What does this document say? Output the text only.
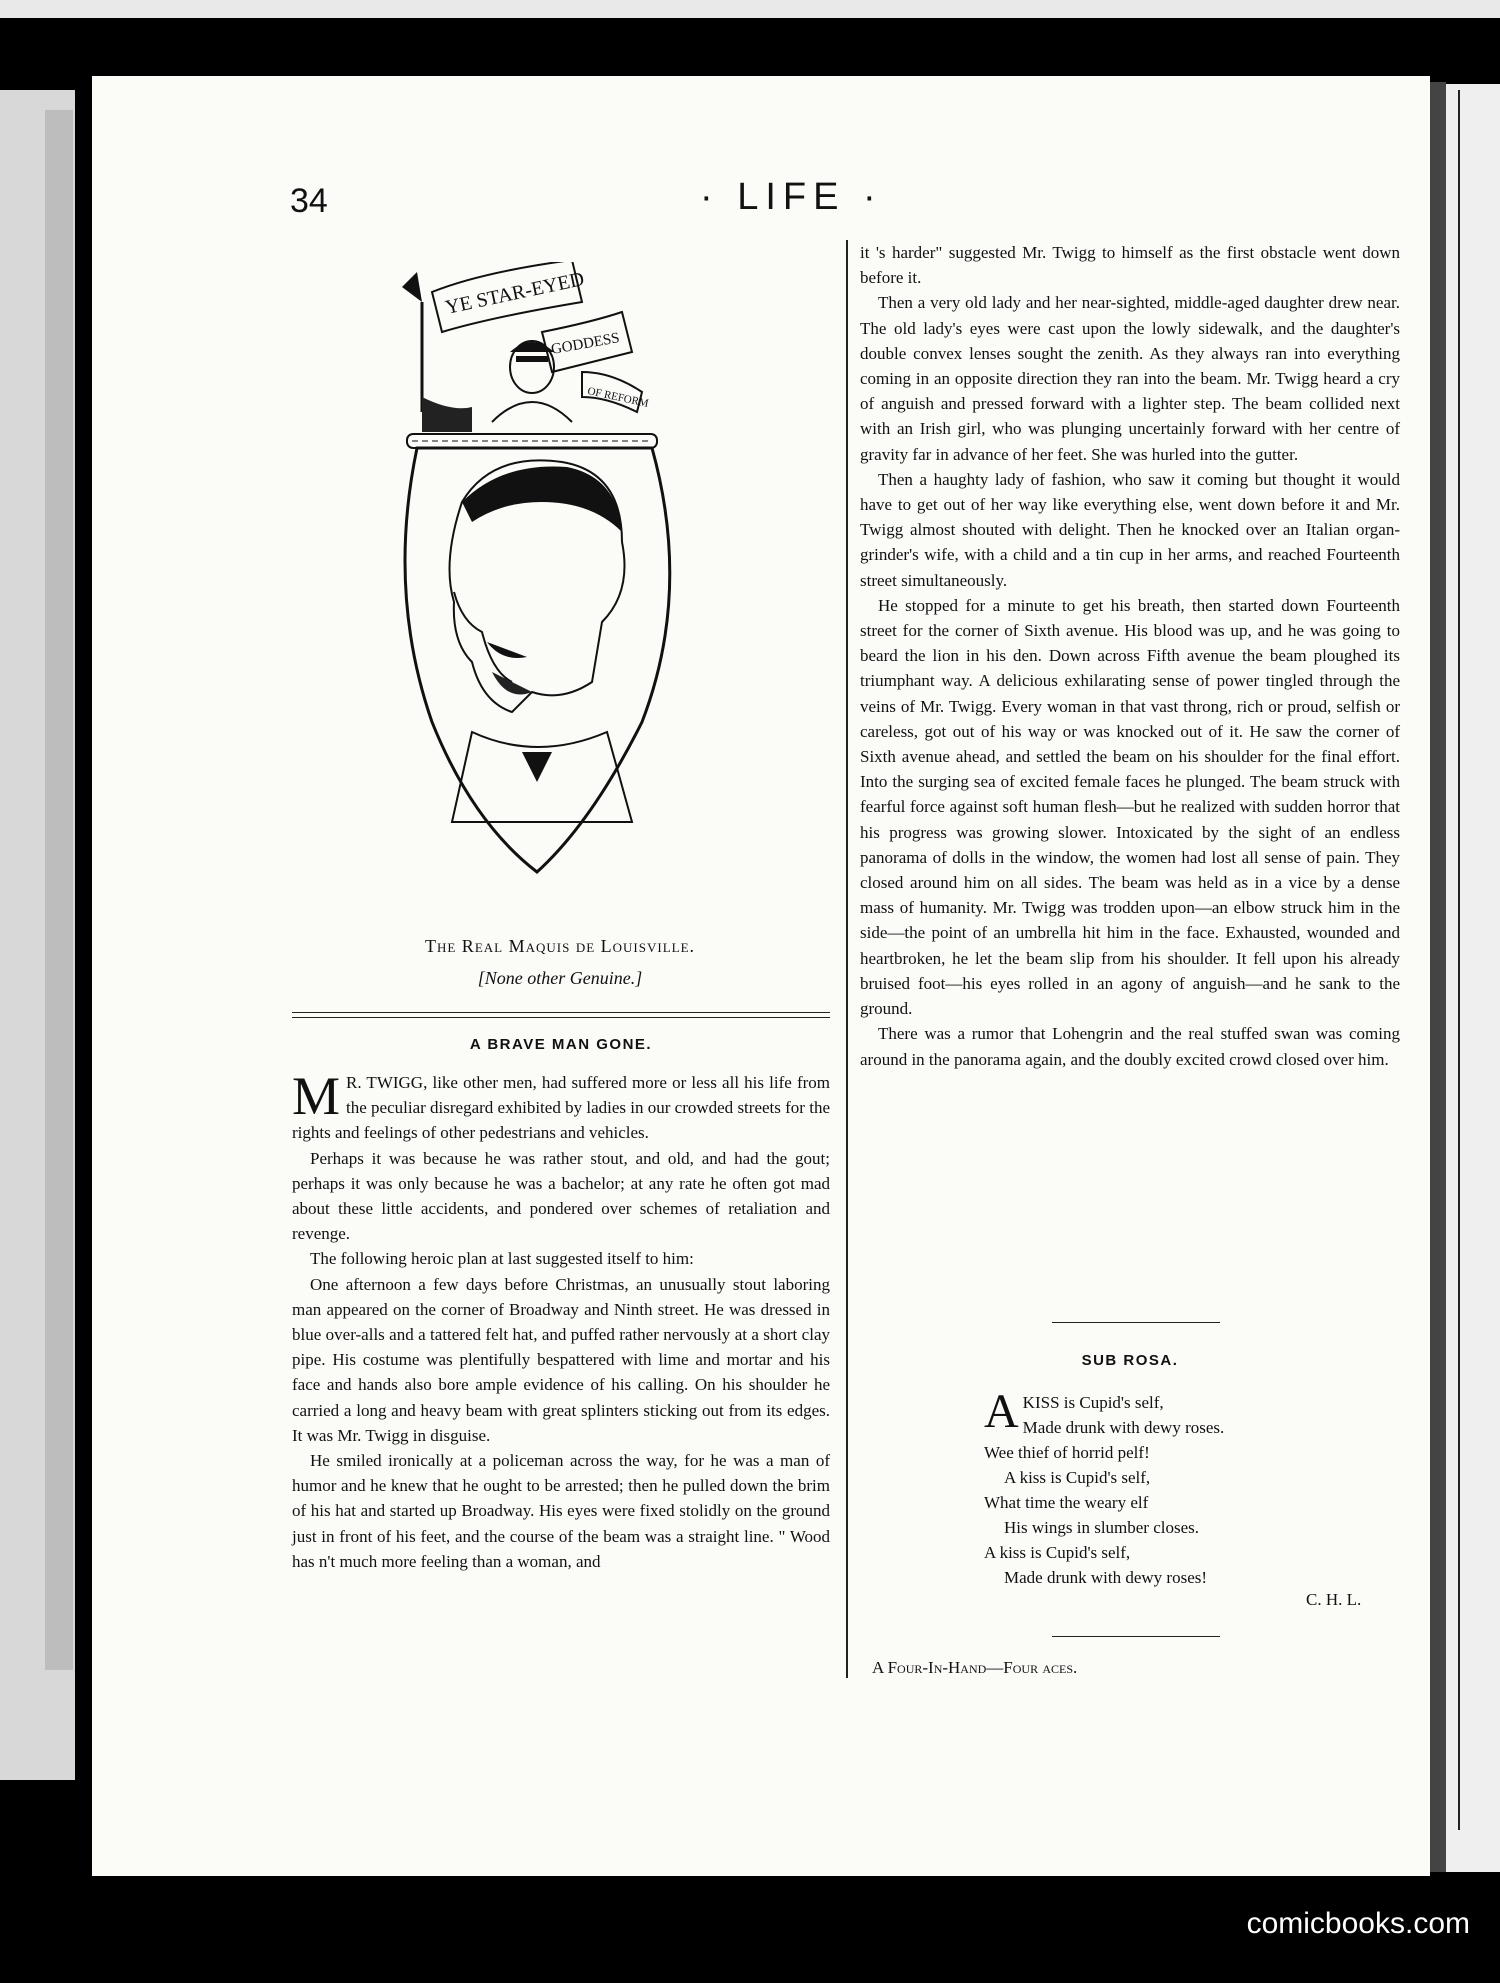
34	· LIFE ·
YE STAR-EYED
GODDESS
OF REFORM
The Real Maquis de Louisville.
[None other Genuine.]
A BRAVE MAN GONE.

M R. TWIGG, like other men, had suffered more or less all his life from the peculiar disregard exhibited by ladies in our crowded streets for the rights and feelings of other pedestrians and vehicles.

Perhaps it was because he was rather stout, and old, and had the gout; perhaps it was only because he was a bachelor; at any rate he often got mad about these little accidents, and pondered over schemes of retaliation and revenge.

The following heroic plan at last suggested itself to him:

One afternoon a few days before Christmas, an unusually stout laboring man appeared on the corner of Broadway and Ninth street. He was dressed in blue over-alls and a tattered felt hat, and puffed rather nervously at a short clay pipe. His costume was plentifully bespattered with lime and mortar and his face and hands also bore ample evidence of his calling. On his shoulder he carried a long and heavy beam with great splinters sticking out from its edges. It was Mr. Twigg in disguise.

He smiled ironically at a policeman across the way, for he was a man of humor and he knew that he ought to be arrested; then he pulled down the brim of his hat and started up Broadway. His eyes were fixed stolidly on the ground just in front of his feet, and the course of the beam was a straight line. " Wood has n't much more feeling than a woman, and

it 's harder" suggested Mr. Twigg to himself as the first obstacle went down before it.

Then a very old lady and her near-sighted, middle-aged daughter drew near. The old lady's eyes were cast upon the lowly sidewalk, and the daughter's double convex lenses sought the zenith. As they always ran into everything coming in an opposite direction they ran into the beam. Mr. Twigg heard a cry of anguish and pressed forward with a lighter step. The beam collided next with an Irish girl, who was plunging uncertainly forward with her centre of gravity far in advance of her feet. She was hurled into the gutter.

Then a haughty lady of fashion, who saw it coming but thought it would have to get out of her way like everything else, went down before it and Mr. Twigg almost shouted with delight. Then he knocked over an Italian organ-grinder's wife, with a child and a tin cup in her arms, and reached Fourteenth street simultaneously.

He stopped for a minute to get his breath, then started down Fourteenth street for the corner of Sixth avenue. His blood was up, and he was going to beard the lion in his den. Down across Fifth avenue the beam ploughed its triumphant way. A delicious exhilarating sense of power tingled through the veins of Mr. Twigg. Every woman in that vast throng, rich or proud, selfish or careless, got out of his way or was knocked out of it. He saw the corner of Sixth avenue ahead, and settled the beam on his shoulder for the final effort. Into the surging sea of excited female faces he plunged. The beam struck with fearful force against soft human flesh—but he realized with sudden horror that his progress was growing slower. Intoxicated by the sight of an endless panorama of dolls in the window, the women had lost all sense of pain. They closed around him on all sides. The beam was held as in a vice by a dense mass of humanity. Mr. Twigg was trodden upon—an elbow struck him in the side—the point of an umbrella hit him in the face. Exhausted, wounded and heartbroken, he let the beam slip from his shoulder. It fell upon his already bruised foot—his eyes rolled in an agony of anguish—and he sank to the ground.

There was a rumor that Lohengrin and the real stuffed swan was coming around in the panorama again, and the doubly excited crowd closed over him.

SUB ROSA.
AKISS is Cupid's self,
Made drunk with dewy roses.
Wee thief of horrid pelf!
A kiss is Cupid's self,
What time the weary elf
His wings in slumber closes.
A kiss is Cupid's self,
Made drunk with dewy roses!
C. H. L.
A Four-In-Hand—Four aces.
comicbooks.com
